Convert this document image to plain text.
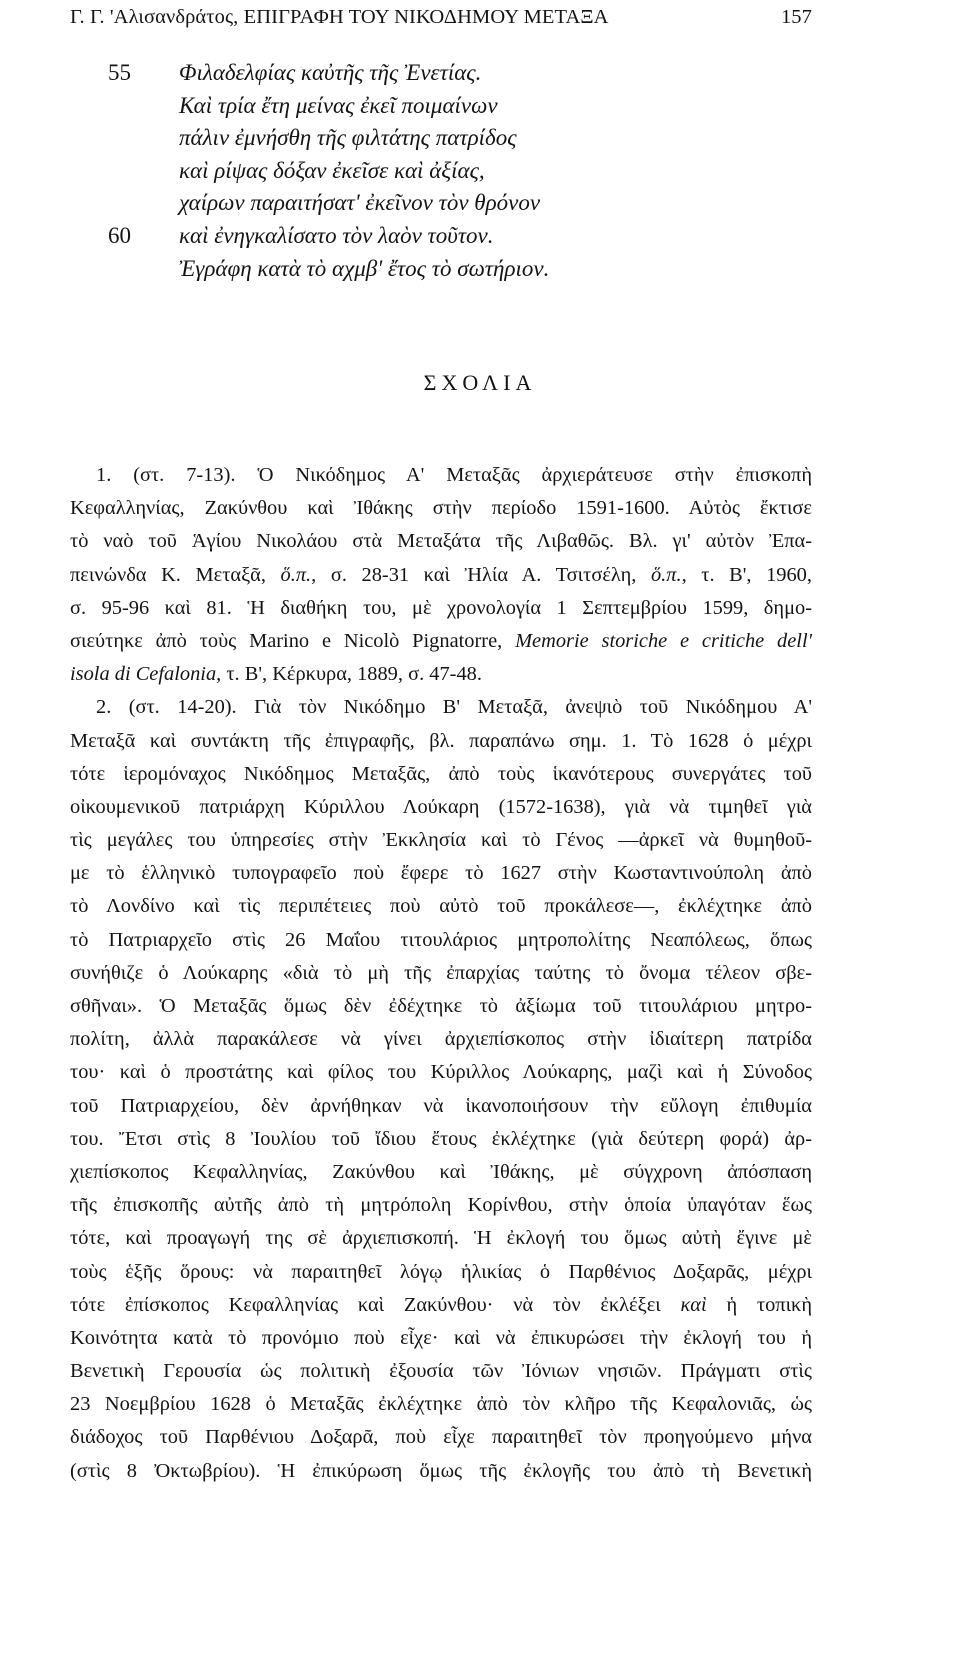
Γ. Γ. 'Αλισανδράτος, ΕΠΙΓΡΑΦΗ ΤΟΥ ΝΙΚΟΔΗΜΟΥ ΜΕΤΑΞΑ	157
55 Φιλαδελφίας καὐτῆς τῆς Ἐνετίας.
Καὶ τρία ἔτη μείνας ἐκεῖ ποιμαίνων
πάλιν ἐμνήσθη τῆς φιλτάτης πατρίδος
καὶ ρίψας δόξαν ἐκεῖσε καὶ ἀξίας,
χαίρων παραιτήσατ' ἐκεῖνον τὸν θρόνον
60 καὶ ἐνηγκαλίσατο τὸν λαὸν τοῦτον.
Ἐγράφη κατὰ τὸ αχμβ' ἔτος τὸ σωτήριον.
ΣΧΟΛΙΑ
1. (στ. 7-13). Ὁ Νικόδημος Α' Μεταξᾶς ἀρχιεράτευσε στὴν ἐπισκοπὴ
Κεφαλληνίας, Ζακύνθου καὶ Ἰθάκης στὴν περίοδο 1591-1600. Αὐτὸς ἔκτισε
τὸ ναὸ τοῦ Ἁγίου Νικολάου στὰ Μεταξάτα τῆς Λιβαθῶς. Βλ. γι' αὐτὸν Ἐπα-
πεινώνδα Κ. Μεταξᾶ, ὅ.π., σ. 28-31 καὶ Ἠλία Α. Τσιτσέλη, ὅ.π., τ. Β', 1960,
σ. 95-96 καὶ 81. Ἡ διαθήκη του, μὲ χρονολογία 1 Σεπτεμβρίου 1599, δημο-
σιεύτηκε ἀπὸ τοὺς Marino e Nicolò Pignatorre, Memorie storiche e critiche dell'
isola di Cefalonia, τ. Β', Κέρκυρα, 1889, σ. 47-48.
2. (στ. 14-20). Γιὰ τὸν Νικόδημο Β' Μεταξᾶ, ἀνεψιὸ τοῦ Νικόδημου Α'
Μεταξᾶ καὶ συντάκτη τῆς ἐπιγραφῆς, βλ. παραπάνω σημ. 1. Τὸ 1628 ὁ μέχρι
τότε ἱερομόναχος Νικόδημος Μεταξᾶς, ἀπὸ τοὺς ἱκανότερους συνεργάτες τοῦ
οἰκουμενικοῦ πατριάρχη Κύριλλου Λούκαρη (1572-1638), γιὰ νὰ τιμηθεῖ γιὰ
τὶς μεγάλες του ὑπηρεσίες στὴν Ἐκκλησία καὶ τὸ Γένος —ἀρκεῖ νὰ θυμηθοῦ-
με τὸ ἑλληνικὸ τυπογραφεῖο ποὺ ἔφερε τὸ 1627 στὴν Κωσταντινούπολη ἀπὸ
τὸ Λονδίνο καὶ τὶς περιπέτειες ποὺ αὐτὸ τοῦ προκάλεσε—, ἐκλέχτηκε ἀπὸ
τὸ Πατριαρχεῖο στὶς 26 Μαΐου τιτουλάριος μητροπολίτης Νεαπόλεως, ὅπως
συνήθιζε ὁ Λούκαρης «διὰ τὸ μὴ τῆς ἐπαρχίας ταύτης τὸ ὄνομα τέλεον σβε-
σθῆναι». Ὁ Μεταξᾶς ὅμως δὲν ἐδέχτηκε τὸ ἀξίωμα τοῦ τιτουλάριου μητρο-
πολίτη, ἀλλὰ παρακάλεσε νὰ γίνει ἀρχιεπίσκοπος στὴν ἰδιαίτερη πατρίδα
του· καὶ ὁ προστάτης καὶ φίλος του Κύριλλος Λούκαρης, μαζὶ καὶ ἡ Σύνοδος
τοῦ Πατριαρχείου, δὲν ἀρνήθηκαν νὰ ἱκανοποιήσουν τὴν εὔλογη ἐπιθυμία
του. Ἔτσι στὶς 8 Ἰουλίου τοῦ ἴδιου ἔτους ἐκλέχτηκε (γιὰ δεύτερη φορά) ἀρ-
χιεπίσκοπος Κεφαλληνίας, Ζακύνθου καὶ Ἰθάκης, μὲ σύγχρονη ἀπόσπαση
τῆς ἐπισκοπῆς αὐτῆς ἀπὸ τὴ μητρόπολη Κορίνθου, στὴν ὁποία ὑπαγόταν ἕως
τότε, καὶ προαγωγή της σὲ ἀρχιεπισκοπή. Ἡ ἐκλογή του ὅμως αὐτὴ ἔγινε μὲ
τοὺς ἑξῆς ὅρους: νὰ παραιτηθεῖ λόγῳ ἡλικίας ὁ Παρθένιος Δοξαρᾶς, μέχρι
τότε ἐπίσκοπος Κεφαλληνίας καὶ Ζακύνθου· νὰ τὸν ἐκλέξει καὶ ἡ τοπικὴ
Κοινότητα κατὰ τὸ προνόμιο ποὺ εἶχε· καὶ νὰ ἐπικυρώσει τὴν ἐκλογή του ἡ
Βενετικὴ Γερουσία ὡς πολιτικὴ ἐξουσία τῶν Ἰόνιων νησιῶν. Πράγματι στὶς
23 Νοεμβρίου 1628 ὁ Μεταξᾶς ἐκλέχτηκε ἀπὸ τὸν κλῆρο τῆς Κεφαλονιᾶς, ὡς
διάδοχος τοῦ Παρθένιου Δοξαρᾶ, ποὺ εἶχε παραιτηθεῖ τὸν προηγούμενο μήνα
(στὶς 8 Ὀκτωβρίου). Ἡ ἐπικύρωση ὅμως τῆς ἐκλογῆς του ἀπὸ τὴ Βενετικὴ
